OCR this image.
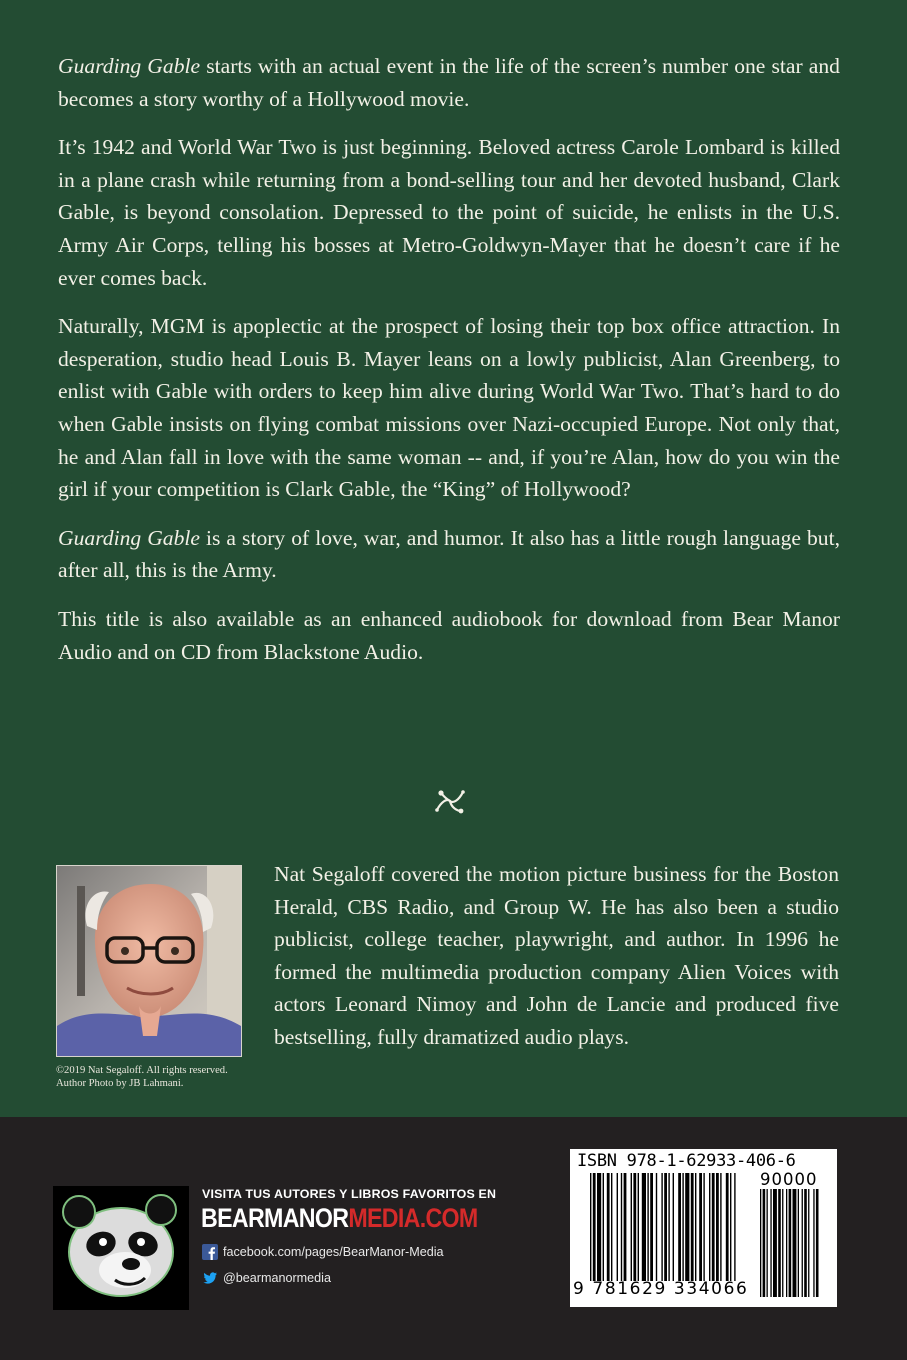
Guarding Gable starts with an actual event in the life of the screen’s number one star and becomes a story worthy of a Hollywood movie.

It’s 1942 and World War Two is just beginning. Beloved actress Carole Lombard is killed in a plane crash while returning from a bond-selling tour and her devoted husband, Clark Gable, is beyond consolation. Depressed to the point of suicide, he enlists in the U.S. Army Air Corps, telling his bosses at Metro-Goldwyn-Mayer that he doesn’t care if he ever comes back.

Naturally, MGM is apoplectic at the prospect of losing their top box office attraction. In desperation, studio head Louis B. Mayer leans on a lowly publicist, Alan Greenberg, to enlist with Gable with orders to keep him alive during World War Two. That’s hard to do when Gable insists on flying combat missions over Nazi-occupied Europe. Not only that, he and Alan fall in love with the same woman -- and, if you’re Alan, how do you win the girl if your competition is Clark Gable, the “King” of Hollywood?

Guarding Gable is a story of love, war, and humor. It also has a little rough language but, after all, this is the Army.

This title is also available as an enhanced audiobook for download from Bear Manor Audio and on CD from Blackstone Audio.

©2019 Nat Segaloff. All rights reserved.
Author Photo by JB Lahmani.
Nat Segaloff covered the motion picture business for the Boston Herald, CBS Radio, and Group W. He has also been a studio publicist, college teacher, playwright, and author. In 1996 he formed the multimedia production company Alien Voices with actors Leonard Nimoy and John de Lancie and produced five bestselling, fully dramatized audio plays.
VISITA TUS AUTORES Y LIBROS FAVORITOS EN
BEARMANORMEDIA.COM
facebook.com/pages/BearManor-Media
@bearmanormedia
ISBN 978-1-62933-406-6
90000
9 781629 334066
